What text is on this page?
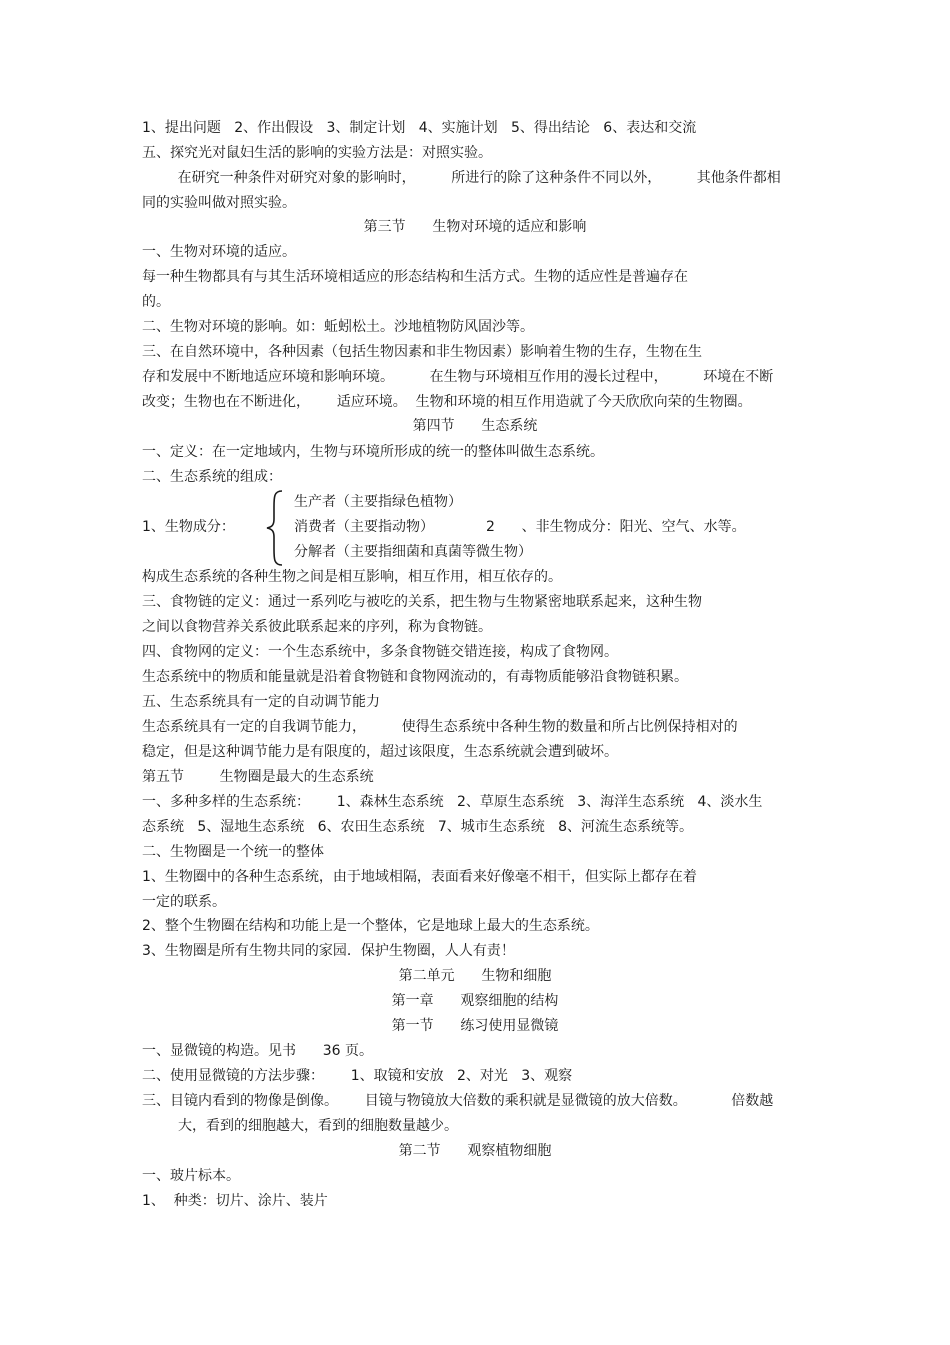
1、提出问题   2、作出假设   3、制定计划   4、实施计划   5、得出结论   6、表达和交流
五、探究光对鼠妇生活的影响的实验方法是：对照实验。
在研究一种条件对研究对象的影响时，        所进行的除了这种条件不同以外，        其他条件都相
同的实验叫做对照实验。
第三节      生物对环境的适应和影响
一、生物对环境的适应。
每一种生物都具有与其生活环境相适应的形态结构和生活方式。生物的适应性是普遍存在
的。
二、生物对环境的影响。如：蚯蚓松土。沙地植物防风固沙等。
三、在自然环境中，各种因素（包括生物因素和非生物因素）影响着生物的生存，生物在生
存和发展中不断地适应环境和影响环境。        在生物与环境相互作用的漫长过程中，        环境在不断
改变；生物也在不断进化，      适应环境。  生物和环境的相互作用造就了今天欣欣向荣的生物圈。
第四节      生态系统
一、定义：在一定地域内，生物与环境所形成的统一的整体叫做生态系统。
二、生态系统的组成：
生产者（主要指绿色植物）
1、生物成分：	消费者（主要指动物）	2      、非生物成分：阳光、空气、水等。
分解者（主要指细菌和真菌等微生物）
构成生态系统的各种生物之间是相互影响，相互作用，相互依存的。
三、食物链的定义：通过一系列吃与被吃的关系，把生物与生物紧密地联系起来，这种生物
之间以食物营养关系彼此联系起来的序列，称为食物链。
四、食物网的定义：一个生态系统中，多条食物链交错连接，构成了食物网。
生态系统中的物质和能量就是沿着食物链和食物网流动的，有毒物质能够沿食物链积累。
五、生态系统具有一定的自动调节能力
生态系统具有一定的自我调节能力，        使得生态系统中各种生物的数量和所占比例保持相对的
稳定，但是这种调节能力是有限度的，超过该限度，生态系统就会遭到破坏。
第五节        生物圈是最大的生态系统
一、多种多样的生态系统：      1、森林生态系统   2、草原生态系统   3、海洋生态系统   4、淡水生
态系统   5、湿地生态系统   6、农田生态系统   7、城市生态系统   8、河流生态系统等。
二、生物圈是一个统一的整体
1、生物圈中的各种生态系统，由于地域相隔，表面看来好像毫不相干，但实际上都存在着
一定的联系。
2、整个生物圈在结构和功能上是一个整体，它是地球上最大的生态系统。
3、生物圈是所有生物共同的家园．保护生物圈，人人有责！
第二单元      生物和细胞
第一章      观察细胞的结构
第一节      练习使用显微镜
一、显微镜的构造。见书      36 页。
二、使用显微镜的方法步骤：      1、取镜和安放   2、对光   3、观察
三、目镜内看到的物像是倒像。      目镜与物镜放大倍数的乘积就是显微镜的放大倍数。          倍数越
大，看到的细胞越大，看到的细胞数量越少。
第二节      观察植物细胞
一、玻片标本。
1、  种类：切片、涂片、装片
